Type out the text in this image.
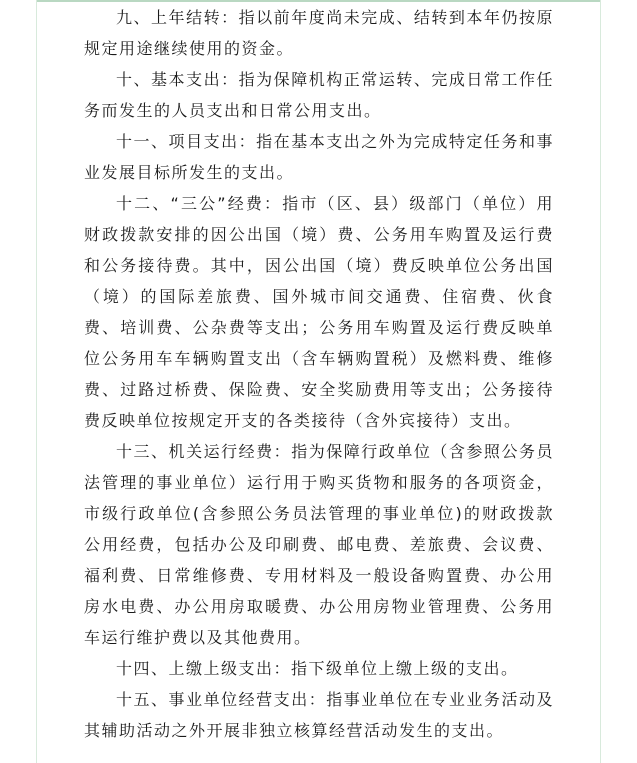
九、上年结转：指以前年度尚未完成、结转到本年仍按原规定用途继续使用的资金。

十、基本支出：指为保障机构正常运转、完成日常工作任务而发生的人员支出和日常公用支出。

十一、项目支出：指在基本支出之外为完成特定任务和事业发展目标所发生的支出。

十二、“三公”经费：指市（区、县）级部门（单位）用财政拨款安排的因公出国（境）费、公务用车购置及运行费和公务接待费。其中，因公出国（境）费反映单位公务出国（境）的国际差旅费、国外城市间交通费、住宿费、伙食费、培训费、公杂费等支出；公务用车购置及运行费反映单位公务用车车辆购置支出（含车辆购置税）及燃料费、维修费、过路过桥费、保险费、安全奖励费用等支出；公务接待费反映单位按规定开支的各类接待（含外宾接待）支出。

十三、机关运行经费：指为保障行政单位（含参照公务员法管理的事业单位）运行用于购买货物和服务的各项资金，市级行政单位(含参照公务员法管理的事业单位)的财政拨款公用经费，包括办公及印刷费、邮电费、差旅费、会议费、福利费、日常维修费、专用材料及一般设备购置费、办公用房水电费、办公用房取暖费、办公用房物业管理费、公务用车运行维护费以及其他费用。

十四、上缴上级支出：指下级单位上缴上级的支出。

十五、事业单位经营支出：指事业单位在专业业务活动及其辅助活动之外开展非独立核算经营活动发生的支出。
